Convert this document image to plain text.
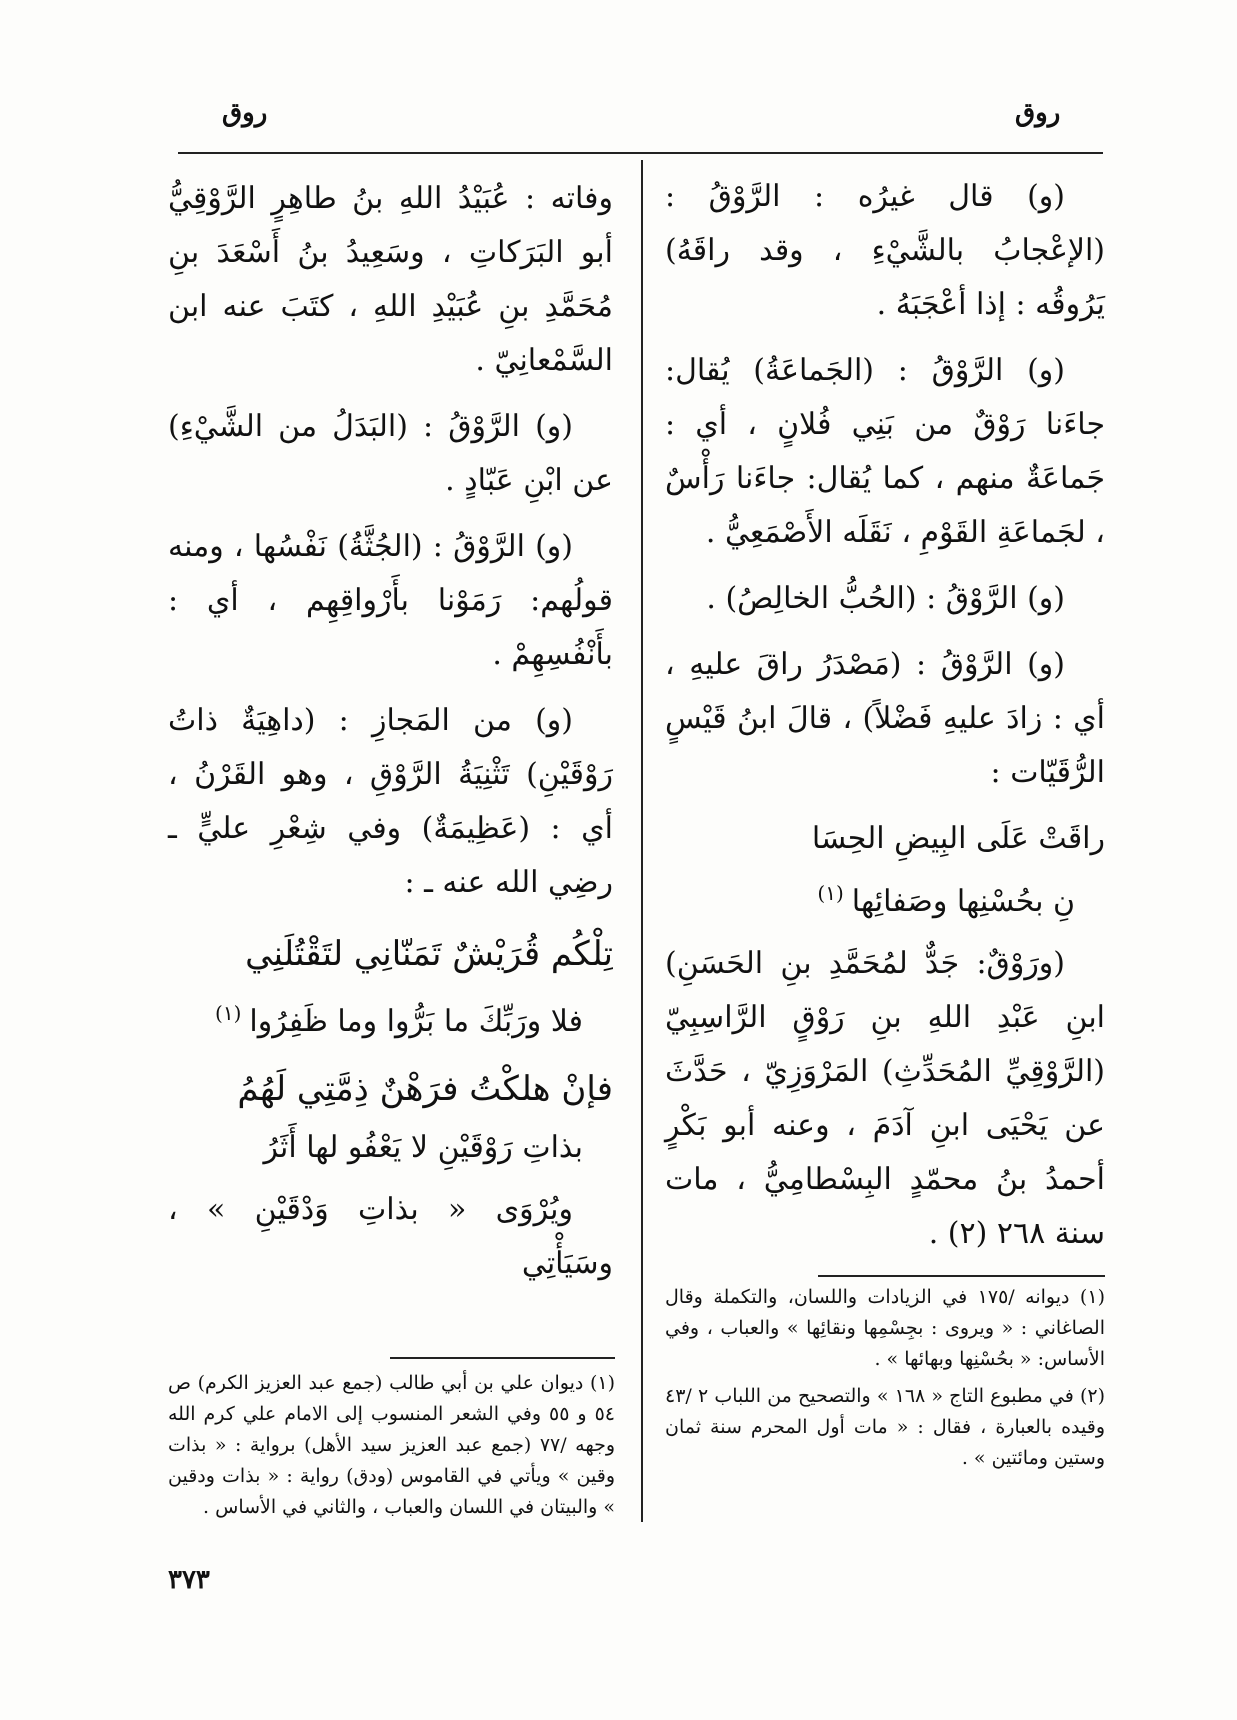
روق
روق

(و) قال غيرُه : الرَّوْقُ : (الإعْجابُ بالشَّيْءِ ، وقد راقَهُ) يَرُوقُه : إذا أعْجَبَهُ .

(و) الرَّوْقُ : (الجَماعَةُ) يُقال: جاءَنا رَوْقٌ من بَنِي فُلانٍ ، أي : جَماعَةٌ منهم ، كما يُقال: جاءَنا رَأْسٌ ، لجَماعَةِ القَوْمِ ، نَقَلَه الأَصْمَعِيُّ .

(و) الرَّوْقُ : (الحُبُّ الخالِصُ) .

(و) الرَّوْقُ : (مَصْدَرُ راقَ عليهِ ، أي : زادَ عليهِ فَضْلاً) ، قالَ ابنُ قَيْسٍ الرُّقَيّات :

راقَتْ عَلَى البِيضِ الحِسَا
نِ بحُسْنِها وصَفائِها$^{(١)}$

(ورَوْقٌ: جَدٌّ لمُحَمَّدِ بنِ الحَسَنِ) ابنِ عَبْدِ اللهِ بنِ رَوْقٍ الرَّاسِبِيّ (الرَّوْقِيِّ المُحَدِّثِ) المَرْوَزِيّ ، حَدَّثَ عن يَحْيَى ابنِ آدَمَ ، وعنه أبو بَكْرٍ أحمدُ بنُ محمّدٍ البِسْطامِيُّ ، مات سنة ٢٦٨ (٢) .

(١) ديوانه /١٧٥ في الزيادات واللسان، والتكملة وقال الصاغاني : « ويروى : بجِسْمِها ونقائِها » والعباب ، وفي الأساس: « بحُسْنِها وبهائها » .

(٢) في مطبوع التاج « ١٦٨ » والتصحيح من اللباب ٢ /٤٣ وقيده بالعبارة ، فقال : « مات أول المحرم سنة ثمان وستين ومائتين » .

وفاته : عُبَيْدُ اللهِ بنُ طاهِرٍ الرَّوْقِيُّ أبو البَرَكاتِ ، وسَعِيدُ بنُ أَسْعَدَ بنِ مُحَمَّدِ بنِ عُبَيْدِ اللهِ ، كتَبَ عنه ابن السَّمْعانِيّ .

(و) الرَّوْقُ : (البَدَلُ من الشَّيْءِ) عن ابْنِ عَبّادٍ .

(و) الرَّوْقُ : (الجُثَّةُ) نَفْسُها ، ومنه قولُهم: رَمَوْنا بأَرْواقِهِم ، أي : بأَنْفُسِهِمْ .

(و) من المَجازِ : (داهِيَةٌ ذاتُ رَوْقَيْنِ) تَثْنِيَةُ الرَّوْقِ ، وهو القَرْنُ ، أي : (عَظِيمَةٌ) وفي شِعْرِ عليٍّ ـ رضِي الله عنه ـ :

تِلْكُم قُرَيْشٌ تَمَنّانِي لتَقْتُلَنِي
فلا ورَبِّكَ ما بَرُّوا وما ظَفِرُوا$^{(١)}$
فإنْ هلكْتُ فرَهْنٌ ذِمَّتِي لَهُمُ
بذاتِ رَوْقَيْنِ لا يَعْفُو لها أَثَرُ

ويُرْوَى « بذاتِ وَدْقَيْنِ » ، وسَيَأْتِي

(١) ديوان علي بن أبي طالب (جمع عبد العزيز الكرم) ص ٥٤ و ٥٥ وفي الشعر المنسوب إلى الامام علي كرم الله وجهه /٧٧ (جمع عبد العزيز سيد الأهل) برواية : « بذات وقين » ويأتي في القاموس (ودق) رواية : « بذات ودقين » والبيتان في اللسان والعباب ، والثاني في الأساس .

٣٧٣
